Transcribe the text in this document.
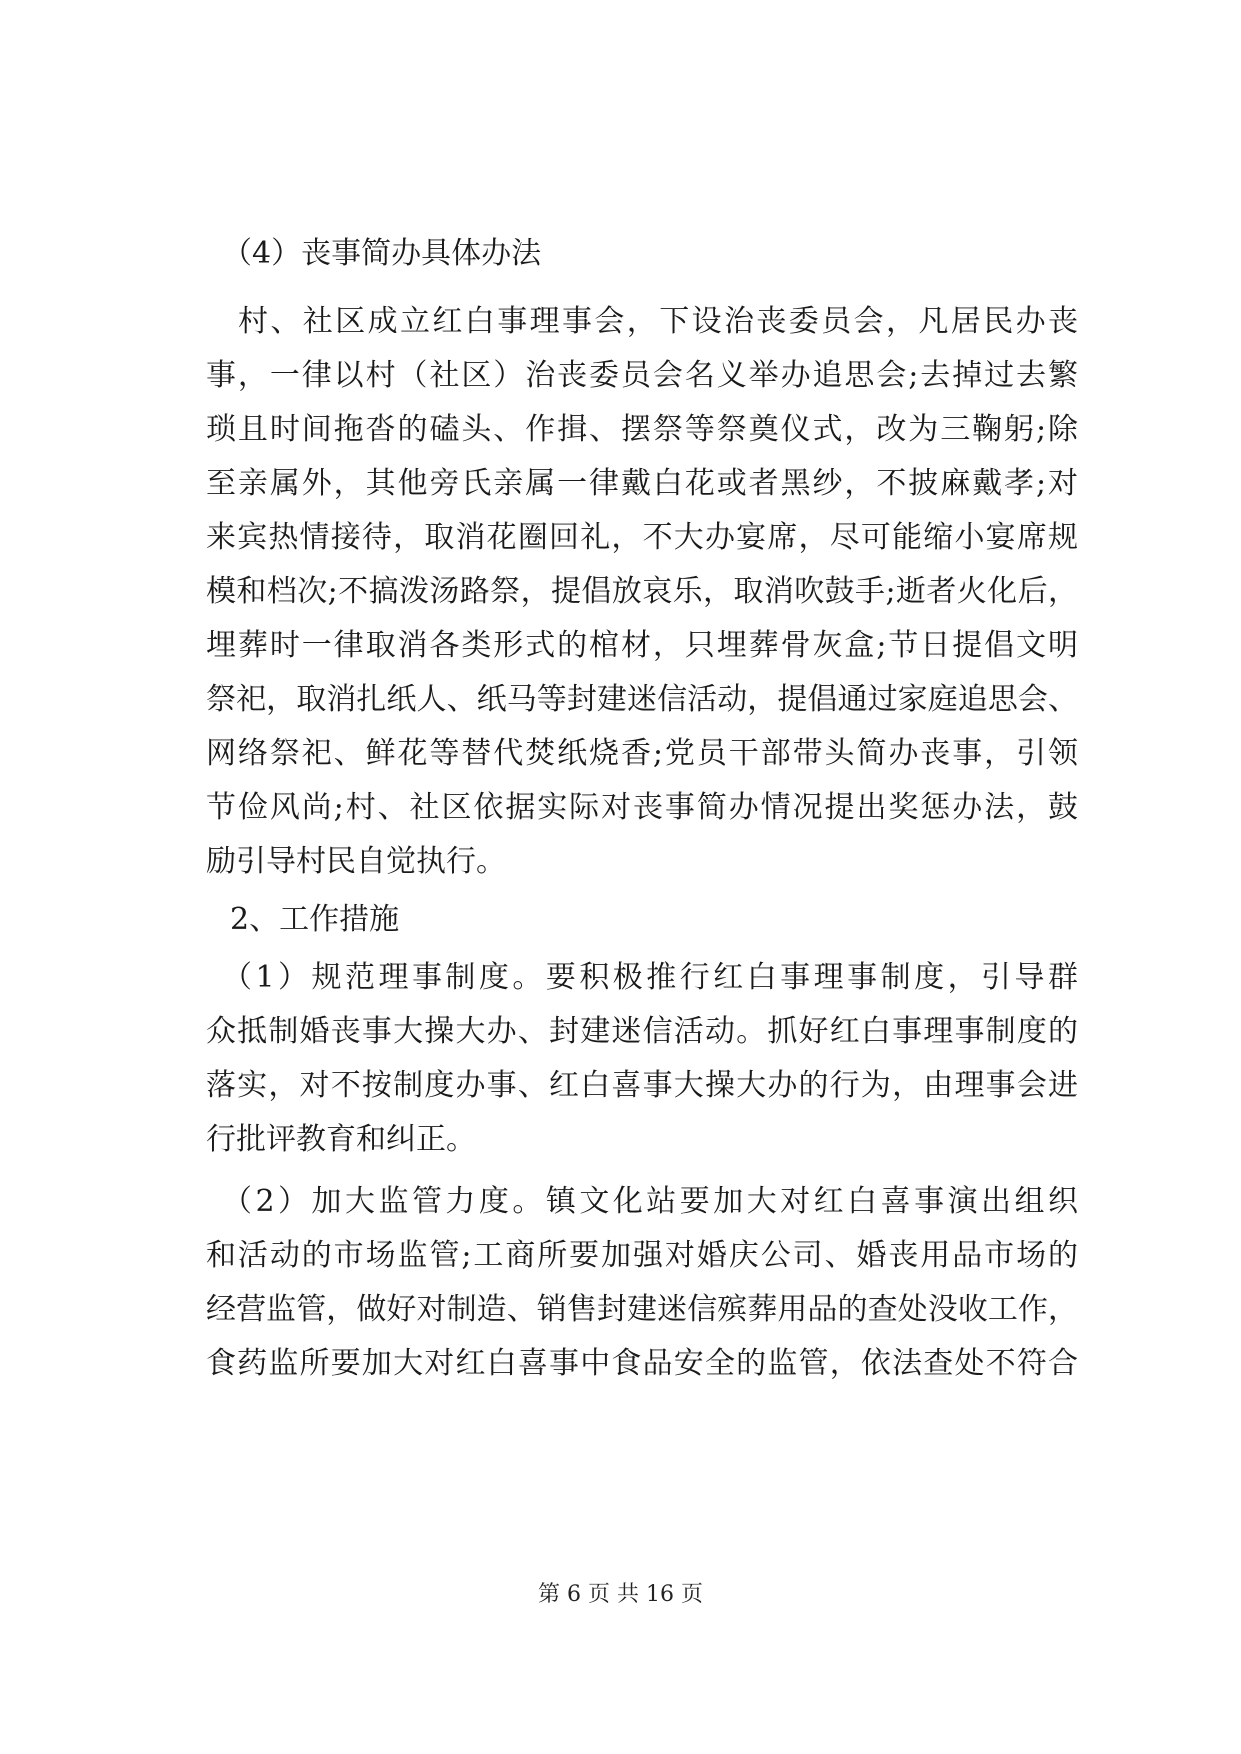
（4）丧事简办具体办法
村、社区成立红白事理事会，下设治丧委员会，凡居民办丧
事，一律以村（社区）治丧委员会名义举办追思会;去掉过去繁
琐且时间拖沓的磕头、作揖、摆祭等祭奠仪式，改为三鞠躬;除
至亲属外，其他旁氏亲属一律戴白花或者黑纱，不披麻戴孝;对
来宾热情接待，取消花圈回礼，不大办宴席，尽可能缩小宴席规
模和档次;不搞泼汤路祭，提倡放哀乐，取消吹鼓手;逝者火化后，
埋葬时一律取消各类形式的棺材，只埋葬骨灰盒;节日提倡文明
祭祀，取消扎纸人、纸马等封建迷信活动，提倡通过家庭追思会、
网络祭祀、鲜花等替代焚纸烧香;党员干部带头简办丧事，引领
节俭风尚;村、社区依据实际对丧事简办情况提出奖惩办法，鼓
励引导村民自觉执行。
2、工作措施
（1）规范理事制度。要积极推行红白事理事制度，引导群
众抵制婚丧事大操大办、封建迷信活动。抓好红白事理事制度的
落实，对不按制度办事、红白喜事大操大办的行为，由理事会进
行批评教育和纠正。
（2）加大监管力度。镇文化站要加大对红白喜事演出组织
和活动的市场监管;工商所要加强对婚庆公司、婚丧用品市场的
经营监管，做好对制造、销售封建迷信殡葬用品的查处没收工作，
食药监所要加大对红白喜事中食品安全的监管，依法查处不符合
第 6 页 共 16 页
